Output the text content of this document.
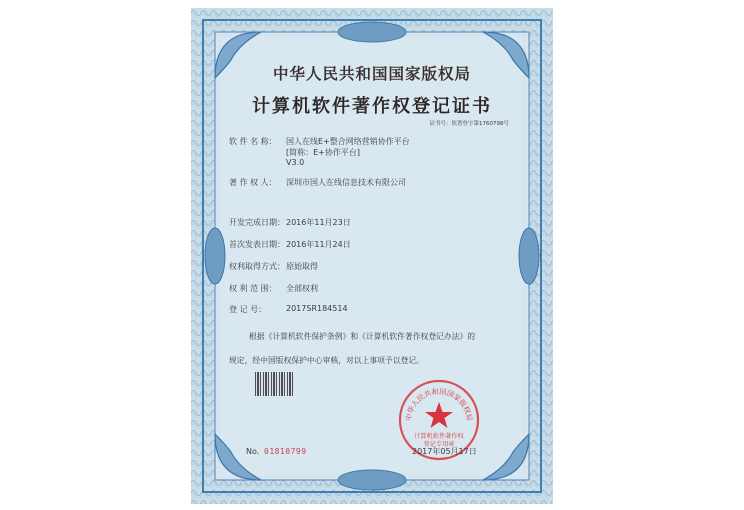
中华人民共和国国家版权局
计算机软件著作权登记证书
证书号：软著登字第1760798号
软 件 名 称： 国人在线E+整合网络营销协作平台
[简称：E+协作平台]
V3.0
著 作 权 人： 深圳市国人在线信息技术有限公司
开发完成日期： 2016年11月23日
首次发表日期： 2016年11月24日
权利取得方式： 原始取得
权 利 范 围： 全部权利
登 记 号： 2017SR184514
根据《计算机软件保护条例》和《计算机软件著作权登记办法》的
规定，经中国版权保护中心审核，对以上事项予以登记。
No. 01810799
中华人民共和国国家版权局
计算机软件著作权
登记专用章
2017年05月17日
